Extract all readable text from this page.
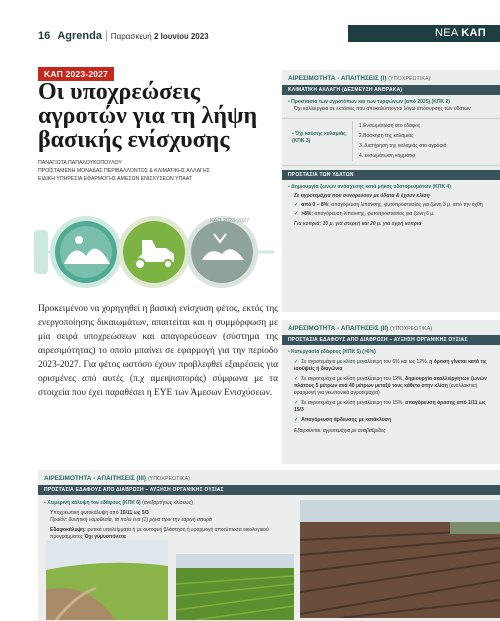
16 Agrenda | Παρασκευή 2 Ιουνίου 2023	ΝΕΑ ΚΑΠ
ΚΑΠ 2023-2027
Οι υποχρεώσεις αγροτών για τη λήψη βασικής ενίσχυσης
ΠΑΝΑΓΙΩΤΑ ΠΑΠΑΛΟΥΚΟΠΟΥΛΟΥ
ΠΡΟΪΣΤΑΜΕΝΗ ΜΟΝΑΔΑΣ ΠΕΡΙΒΑΛΛΟΝΤΟΣ & ΚΛΙΜΑΤΙΚΗΣ ΑΛΛΑΓΗΣ
ΕΙΔΙΚΗ ΥΠΗΡΕΣΙΑ ΕΦΑΡΜΟΓΗΣ ΑΜΕΣΩΝ ΕΝΙΣΧΥΣΕΩΝ ΥΠΑΑΤ
ΚΑΠ 2023-2027

Προκειμένου να χορηγηθεί η βασική ενίσχυση φέτος, εκτός της ενεργοποίησης δικαιωμάτων, απαιτείται και η συμμόρφωση με μία σειρά υποχρεώσεων και απαγορεύσεων (σύστημα της αιρεσιμότητας) το οποίο μπαίνει σε εφαρμογή για την περίοδο 2023-2027. Για φέτος ωστόσο έχουν προβλεφθεί εξαιρέσεις για ορισμένες από αυτές (π.χ αμειψισποράς) σύμφωνα με τα στοιχεία που έχει παραθέσει η ΕΥΕ των Άμεσων Ενισχύσεων.

ΑΙΡΕΣΙΜΟΤΗΤΑ - ΑΠΑΙΤΗΣΕΙΣ (Ι) (ΥΠΟΧΡΕΩΤΙΚΑ)
ΚΛΙΜΑΤΙΚΗ ΑΛΛΑΓΗ (ΔΕΣΜΕΥΣΗ ΑΝΘΡΑΚΑ)
• Προστασία των υγροτόπων και των τυρφώνων (από 2025) (ΚΠΚ 2)
Όχι καλλιέργεια σε εκτάσεις που αποκαλύπτονται λόγω απόσυρσης των υδάτων
• Όχι καύσης καλαμιάς (ΚΠΚ 3)
1.Ενσωμάτωση στο έδαφος
2.Βόσκηση της καλαμιάς
3. Διατήρηση της καλαμιάς στο αγρόφιό
4. ενσωμάτωση κομμάτια
ΠΡΟΣΤΑΣΙΑ ΤΩΝ ΥΔΑΤΩΝ
• Δημιουργία ζωνών ανάσχεσης κατά μήκος υδατορευμάτων (ΚΠΚ 4)
Σε αγροτεμάχια που συνορεύουν με ύδατα & έχουν κλίση
✓ από 0 – 8%: απαγόρευση λίπανσης, φυτοπροστασίας για ζώνη 3 μ. από την όχθη
✓ >8%: απαγόρευση λίπανσης, φυτοπροστασίας για ζώνη 6 μ.
Για κοπριά: 10 μ. για στερεή και 20 μ. για υγρή κοπριά
ΑΙΡΕΣΙΜΟΤΗΤΑ - ΑΠΑΙΤΗΣΕΙΣ (ΙΙ) (ΥΠΟΧΡΕΩΤΙΚΑ)
ΠΡΟΣΤΑΣΙΑ ΕΔΑΦΟΥΣ ΑΠΟ ΔΙΑΒΡΩΣΗ – ΑΥΞΗΣΗ ΟΡΓΑΝΙΚΗΣ ΟΥΣΙΑΣ
• Κατεργασία εδάφους (ΚΠΚ 5) (>6%)
✓ Σε αγροτεμάχια με κλίση μεγαλύτερη του 6% και ως 12%, η όραση γίνεται κατά τις ισοϋψείς ή διαγώνια
✓ Σε αγροτεμάχια με κλίση μεγαλύτερη του 12%, δημιουργία ακαλλιέργητων ζωνών πλάτους 5 μέτρων ανά 40 μέτρων μεταξύ τους κάθετα στην κλίση (εναλλακτική εφαρμογή για γεωπονικά αγροτεμάχια)
✓ Σε αγροτεμάχια με κλίση μεγαλύτερη του 15%, απαγόρευση όρασης από 1/11 ως 15/3
✓ Απαγόρευση άρδευσης με κατάκλυση
Εξαιρούνται: αγροτεμάχια με αναβαθμίδες
ΑΙΡΕΣΙΜΟΤΗΤΑ - ΑΠΑΙΤΗΣΕΙΣ (ΙΙΙ) (ΥΠΟΧΡΕΩΤΙΚΑ)
ΠΡΟΣΤΑΣΙΑ ΕΔΑΦΟΥΣ ΑΠΟ ΔΙΑΒΡΩΣΗ – ΑΥΞΗΣΗ ΟΡΓΑΝΙΚΗΣ ΟΥΣΙΑΣ
• Χειμερινή κάλυψη του εδάφους (ΚΠΚ 6) (ανεξαρτήτως κλίσεως)
Υποχρεωτική φυτοκάλυψη από 15/11 ως 5/3
Προϊόν: δυνητική νομοθεσία, τα πολύ ένα (1) μήνα πριν την εαρινή σπορά
Εδαφοκάλυψη: φυτικά υπολείμματα ή με αυτοφυή βλάστηση ή εφαρμογή αποτύπωσα οικολογικού προγράμματος Όχι γυμνοπόνετα
